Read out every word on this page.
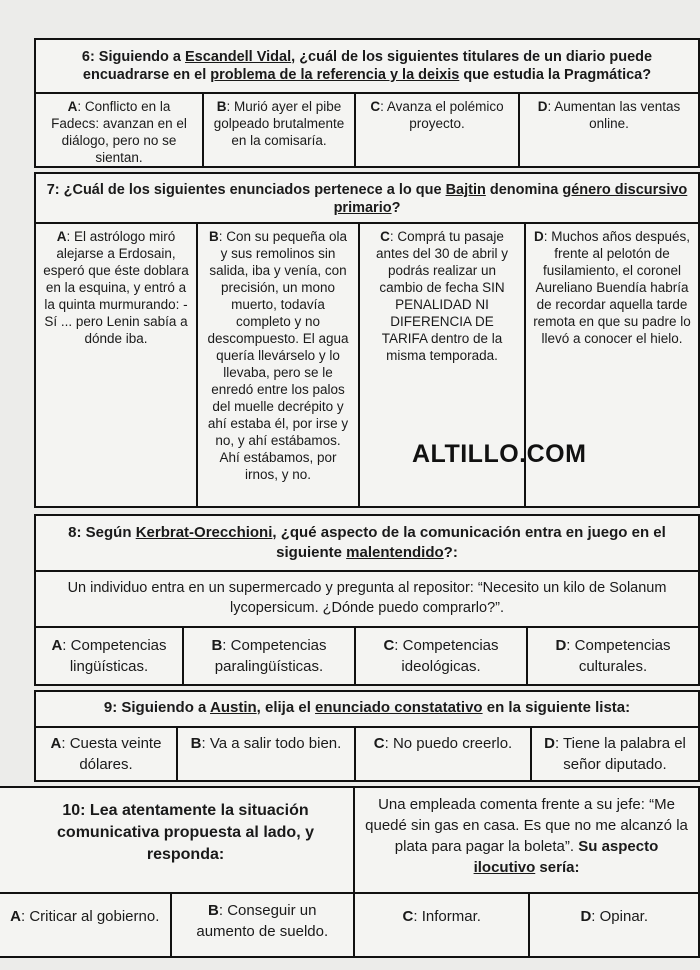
6: Siguiendo a Escandell Vidal, ¿cuál de los siguientes titulares de un diario puede encuadrarse en el problema de la referencia y la deixis que estudia la Pragmática?
A: Conflicto en la Fadecs: avanzan en el diálogo, pero no se sientan.
B: Murió ayer el pibe golpeado brutalmente en la comisaría.
C: Avanza el polémico proyecto.
D: Aumentan las ventas online.
7: ¿Cuál de los siguientes enunciados pertenece a lo que Bajtin denomina género discursivo primario?
A: El astrólogo miró alejarse a Erdosain, esperó que éste doblara en la esquina, y entró a la quinta murmurando: -Sí ... pero Lenin sabía a dónde iba.
B: Con su pequeña ola y sus remolinos sin salida, iba y venía, con precisión, un mono muerto, todavía completo y no descompuesto. El agua quería llevárselo y lo llevaba, pero se le enredó entre los palos del muelle decrépito y ahí estaba él, por irse y no, y ahí estábamos. Ahí estábamos, por irnos, y no.
C: Comprá tu pasaje antes del 30 de abril y podrás realizar un cambio de fecha SIN PENALIDAD NI DIFERENCIA DE TARIFA dentro de la misma temporada.
D: Muchos años después, frente al pelotón de fusilamiento, el coronel Aureliano Buendía habría de recordar aquella tarde remota en que su padre lo llevó a conocer el hielo.
ALTILLO.COM
8: Según Kerbrat-Orecchioni, ¿qué aspecto de la comunicación entra en juego en el siguiente malentendido?:
Un individuo entra en un supermercado y pregunta al repositor: “Necesito un kilo de Solanum lycopersicum. ¿Dónde puedo comprarlo?”.
A: Competencias lingüísticas.
B: Competencias paralingüísticas.
C: Competencias ideológicas.
D: Competencias culturales.
9: Siguiendo a Austin, elija el enunciado constatativo en la siguiente lista:
A: Cuesta veinte dólares.
B: Va a salir todo bien.	C: No puedo creerlo.	D: Tiene la palabra el señor diputado.
10: Lea atentamente la situación comunicativa propuesta al lado, y responda:
Una empleada comenta frente a su jefe: “Me quedé sin gas en casa. Es que no me alcanzó la plata para pagar la boleta”. Su aspecto ilocutivo sería:
A: Criticar al gobierno.	B: Conseguir un aumento de sueldo.
C: Informar.	D: Opinar.
